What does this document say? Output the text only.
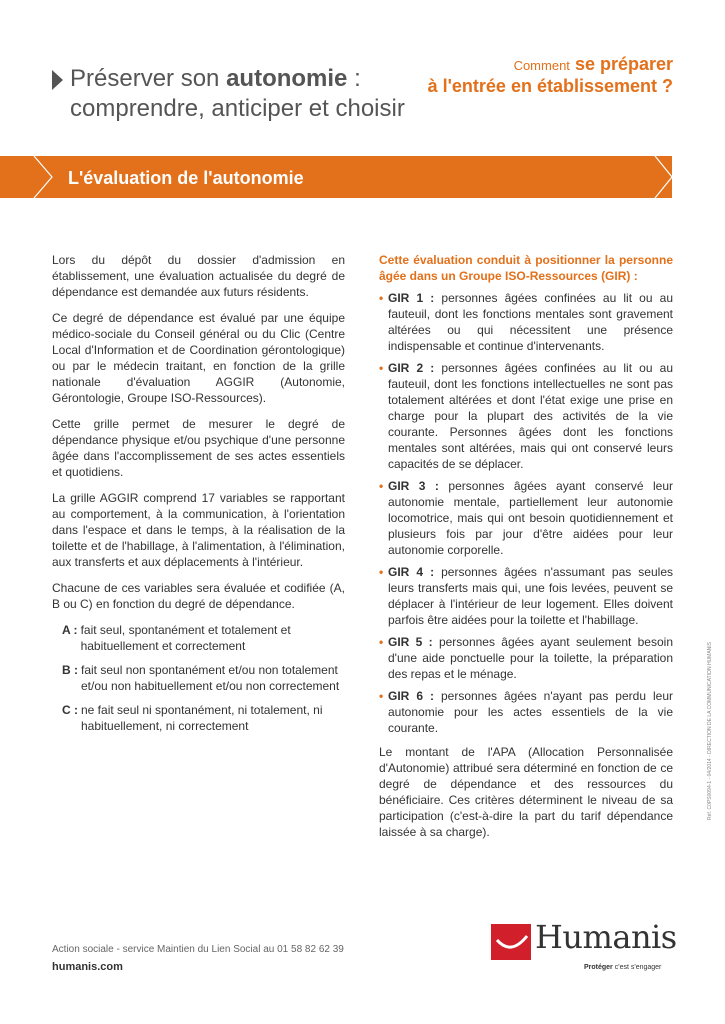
Préserver son autonomie :
comprendre, anticiper et choisir
Comment se préparer
à l'entrée en établissement ?
L'évaluation de l'autonomie

Lors du dépôt du dossier d'admission en établissement, une évaluation actualisée du degré de dépendance est demandée aux futurs résidents.

Ce degré de dépendance est évalué par une équipe médico-sociale du Conseil général ou du Clic (Centre Local d'Information et de Coordination gérontologique) ou par le médecin traitant, en fonction de la grille nationale d'évaluation AGGIR (Autonomie, Gérontologie, Groupe ISO-Ressources).

Cette grille permet de mesurer le degré de dépendance physique et/ou psychique d'une personne âgée dans l'accomplissement de ses actes essentiels et quotidiens.

La grille AGGIR comprend 17 variables se rapportant au comportement, à la communication, à l'orientation dans l'espace et dans le temps, à la réalisation de la toilette et de l'habillage, à l'alimentation, à l'élimination, aux transferts et aux déplacements à l'intérieur.

Chacune de ces variables sera évaluée et codifiée (A, B ou C) en fonction du degré de dépendance.

A : fait seul, spontanément et totalement et habituellement et correctement
B : fait seul non spontanément et/ou non totalement et/ou non habituellement et/ou non correctement
C : ne fait seul ni spontanément, ni totalement, ni habituellement, ni correctement

Cette évaluation conduit à positionner la personne âgée dans un Groupe ISO-Ressources (GIR) :

• GIR 1 : personnes âgées confinées au lit ou au fauteuil, dont les fonctions mentales sont gravement altérées ou qui nécessitent une présence indispensable et continue d'intervenants.
• GIR 2 : personnes âgées confinées au lit ou au fauteuil, dont les fonctions intellectuelles ne sont pas totalement altérées et dont l'état exige une prise en charge pour la plupart des activités de la vie courante. Personnes âgées dont les fonctions mentales sont altérées, mais qui ont conservé leurs capacités de se déplacer.
• GIR 3 : personnes âgées ayant conservé leur autonomie mentale, partiellement leur autonomie locomotrice, mais qui ont besoin quotidiennement et plusieurs fois par jour d'être aidées pour leur autonomie corporelle.
• GIR 4 : personnes âgées n'assumant pas seules leurs transferts mais qui, une fois levées, peuvent se déplacer à l'intérieur de leur logement. Elles doivent parfois être aidées pour la toilette et l'habillage.
• GIR 5 : personnes âgées ayant seulement besoin d'une aide ponctuelle pour la toilette, la préparation des repas et le ménage.
• GIR 6 : personnes âgées n'ayant pas perdu leur autonomie pour les actes essentiels de la vie courante.

Le montant de l'APA (Allocation Personnalisée d'Autonomie) attribué sera déterminé en fonction de ce degré de dépendance et des ressources du bénéficiaire. Ces critères déterminent le niveau de sa participation (c'est-à-dire la part du tarif dépendance laissée à sa charge).

Réf. C0PS0094-1 - 04/2014 - DIRECTION DE LA COMMUNICATION HUMANIS
Action sociale - service Maintien du Lien Social au 01 58 82 62 39
humanis.com
Humanis
Protéger c'est s'engager
